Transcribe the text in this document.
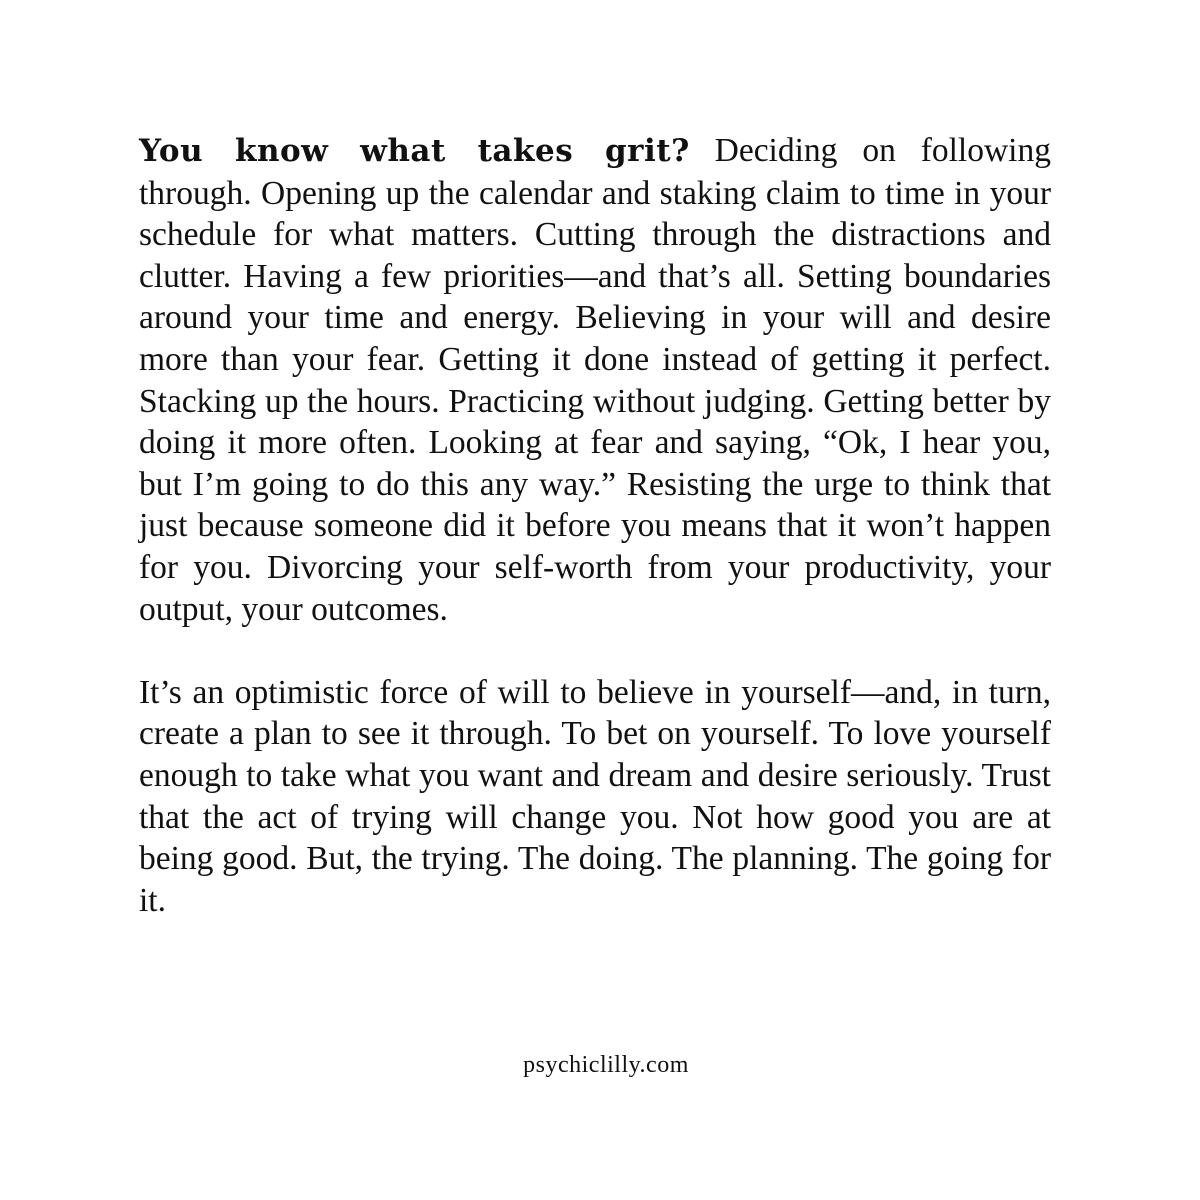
You know what takes grit? Deciding on following through. Opening up the calendar and staking claim to time in your schedule for what matters. Cutting through the distractions and clutter. Having a few priorities—and that’s all. Setting boundaries around your time and energy. Believing in your will and desire more than your fear. Getting it done instead of getting it perfect. Stacking up the hours. Practicing without judging. Getting better by doing it more often. Looking at fear and saying, “Ok, I hear you, but I’m going to do this any way.” Resisting the urge to think that just because someone did it before you means that it won’t happen for you. Divorcing your self-worth from your productivity, your output, your outcomes.

It’s an optimistic force of will to believe in yourself—and, in turn, create a plan to see it through. To bet on yourself. To love yourself enough to take what you want and dream and desire seriously. Trust that the act of trying will change you. Not how good you are at being good. But, the trying. The doing. The planning. The going for it.

psychiclilly.com
